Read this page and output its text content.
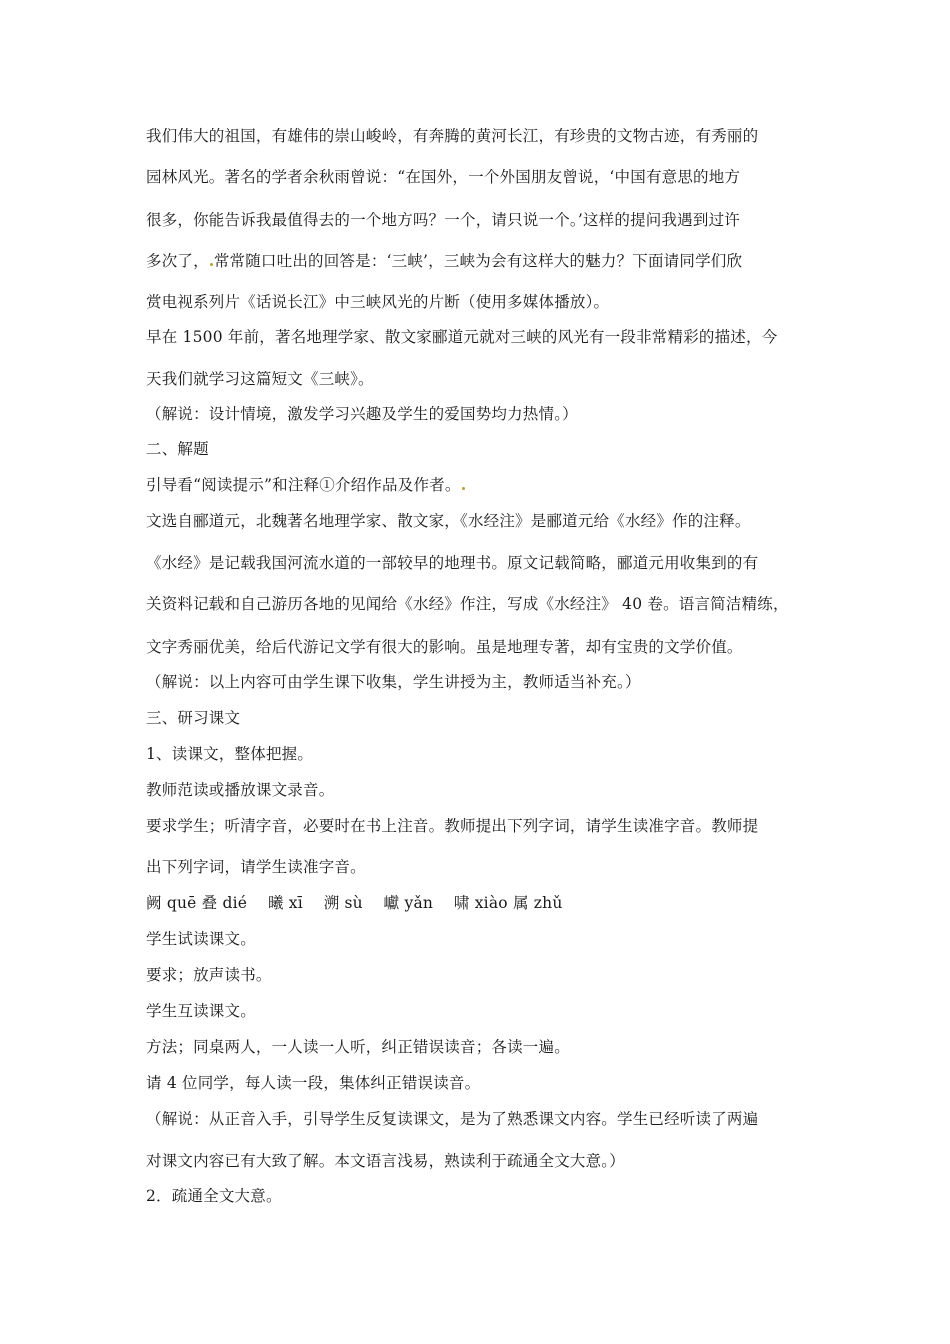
我们伟大的祖国，有雄伟的崇山峻岭，有奔腾的黄河长江，有珍贵的文物古迹，有秀丽的

园林风光。著名的学者余秋雨曾说：“在国外，一个外国朋友曾说，‘中国有意思的地方

很多，你能告诉我最值得去的一个地方吗？一个，请只说一个。’这样的提问我遇到过许

多次了， 常常随口吐出的回答是：‘三峡’，三峡为会有这样大的魅力？下面请同学们欣

赏电视系列片《话说长江》中三峡风光的片断（使用多媒体播放）。

早在 1500 年前，著名地理学家、散文家郦道元就对三峡的风光有一段非常精彩的描述，今

天我们就学习这篇短文《三峡》。

（解说：设计情境，激发学习兴趣及学生的爱国势均力热情。）

二、解题

引导看“阅读提示”和注释①介绍作品及作者。

文选自郦道元，北魏著名地理学家、散文家，《水经注》是郦道元给《水经》作的注释。

《水经》是记载我国河流水道的一部较早的地理书。原文记载简略，郦道元用收集到的有

关资料记载和自己游历各地的见闻给《水经》作注，写成《水经注》 40 卷。语言简洁精练，

文字秀丽优美，给后代游记文学有很大的影响。虽是地理专著，却有宝贵的文学价值。

（解说：以上内容可由学生课下收集，学生讲授为主，教师适当补充。）

三、研习课文

1、读课文，整体把握。

教师范读或播放课文录音。

要求学生；听清字音，必要时在书上注音。教师提出下列字词，请学生读准字音。教师提

出下列字词，请学生读准字音。

阙 quē 叠 dié　 曦 xī　 溯 sù　 巘 yǎn　 啸 xiào 属 zhǔ

学生试读课文。

要求；放声读书。

学生互读课文。

方法；同桌两人，一人读一人听，纠正错误读音；各读一遍。

请 4 位同学，每人读一段，集体纠正错误读音。

（解说：从正音入手，引导学生反复读课文，是为了熟悉课文内容。学生已经听读了两遍

对课文内容已有大致了解。本文语言浅易，熟读利于疏通全文大意。）

2．疏通全文大意。
